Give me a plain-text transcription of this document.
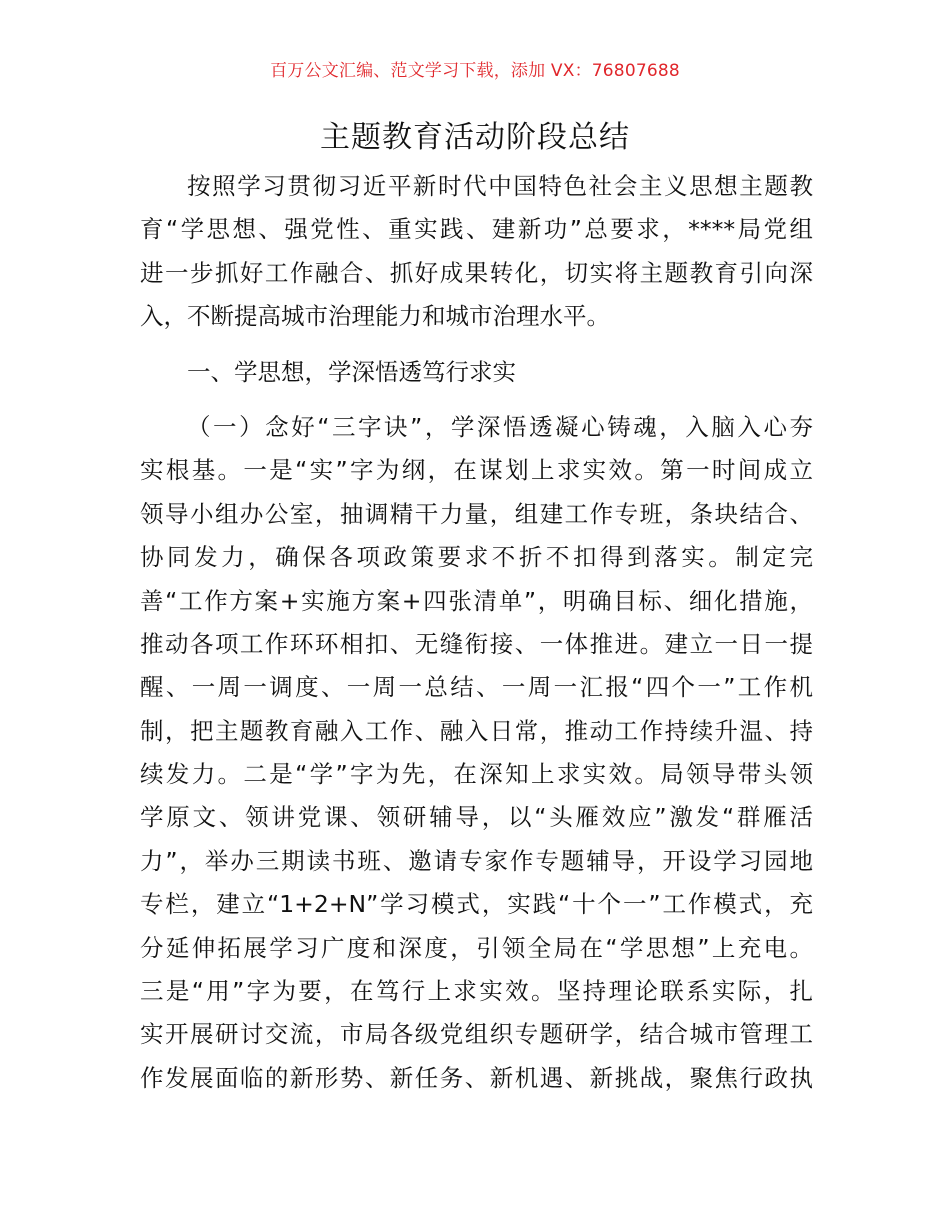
百万公文汇编、范文学习下载，添加 VX：76807688
主题教育活动阶段总结
按照学习贯彻习近平新时代中国特色社会主义思想主题教
育“学思想、强党性、重实践、建新功”总要求，****局党组
进一步抓好工作融合、抓好成果转化，切实将主题教育引向深
入，不断提高城市治理能力和城市治理水平。
一、学思想，学深悟透笃行求实
（一）念好“三字诀”，学深悟透凝心铸魂，入脑入心夯
实根基。一是“实”字为纲，在谋划上求实效。第一时间成立
领导小组办公室，抽调精干力量，组建工作专班，条块结合、
协同发力，确保各项政策要求不折不扣得到落实。制定完
善“工作方案+实施方案+四张清单”，明确目标、细化措施，
推动各项工作环环相扣、无缝衔接、一体推进。建立一日一提
醒、一周一调度、一周一总结、一周一汇报“四个一”工作机
制，把主题教育融入工作、融入日常，推动工作持续升温、持
续发力。二是“学”字为先，在深知上求实效。局领导带头领
学原文、领讲党课、领研辅导，以“头雁效应”激发“群雁活
力”，举办三期读书班、邀请专家作专题辅导，开设学习园地
专栏，建立“1+2+N”学习模式，实践“十个一”工作模式，充
分延伸拓展学习广度和深度，引领全局在“学思想”上充电。
三是“用”字为要，在笃行上求实效。坚持理论联系实际，扎
实开展研讨交流，市局各级党组织专题研学，结合城市管理工
作发展面临的新形势、新任务、新机遇、新挑战，聚焦行政执
